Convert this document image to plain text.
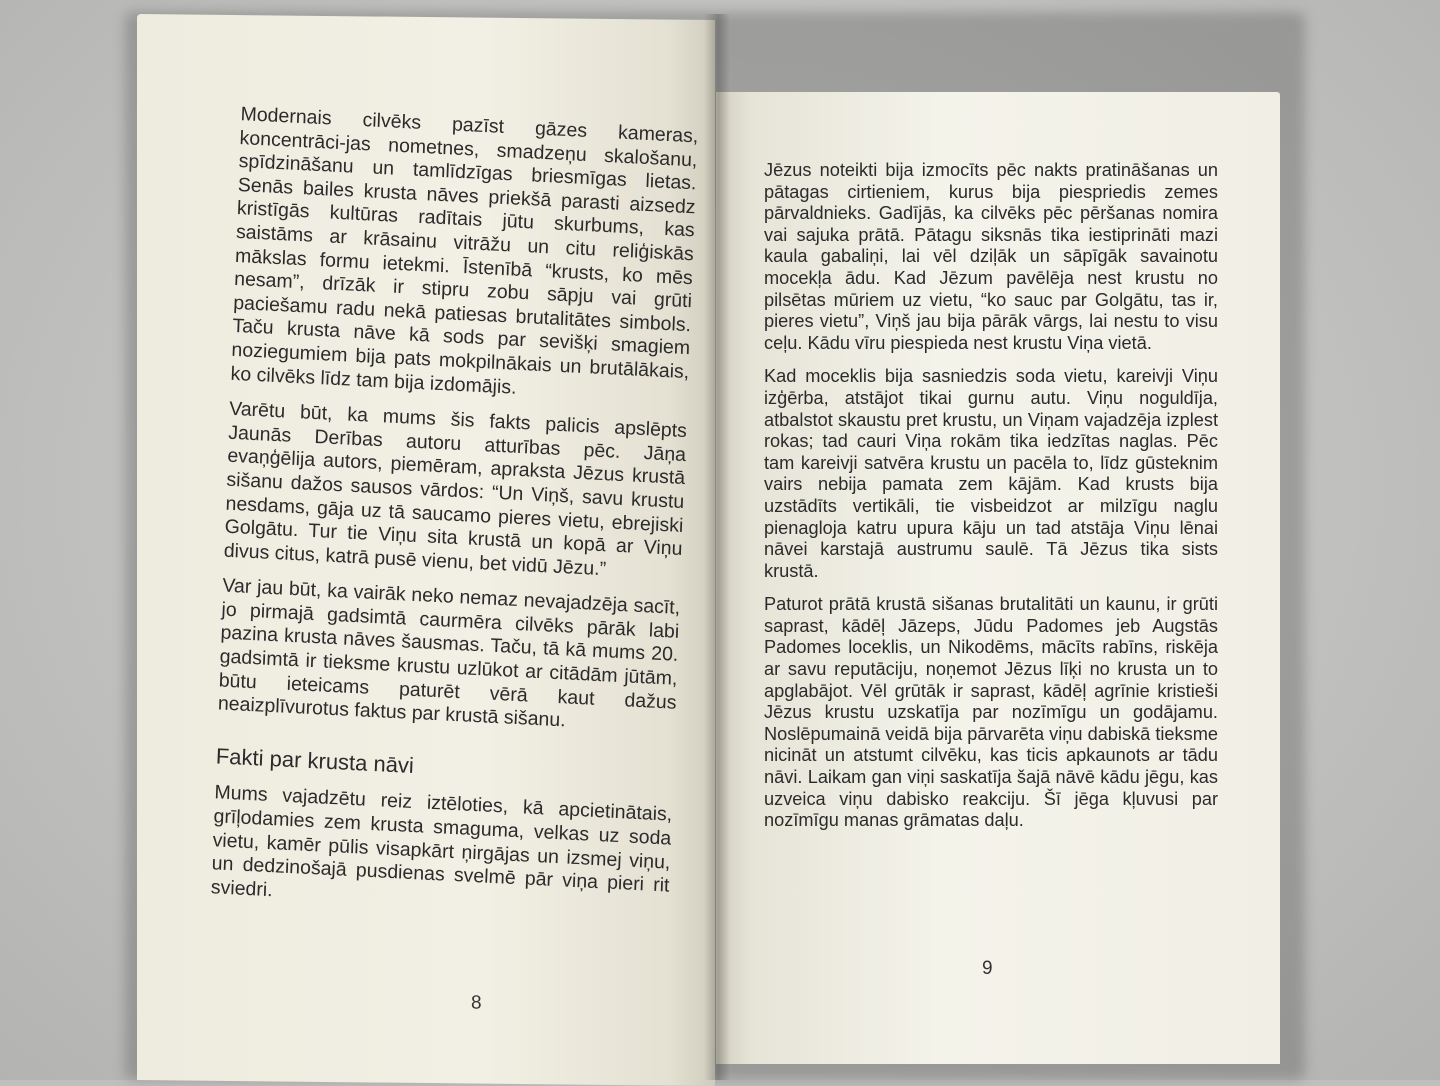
Modernais cilvēks pazīst gāzes kameras, koncentrāci-jas nometnes, smadzeņu skalošanu, spīdzināšanu un tamlīdzīgas briesmīgas lietas. Senās bailes krusta nāves priekšā parasti aizsedz kristīgās kultūras radītais jūtu skurbums, kas saistāms ar krāsainu vitrāžu un citu reliģiskās mākslas formu ietekmi. Īstenībā “krusts, ko mēs nesam”, drīzāk ir stipru zobu sāpju vai grūti paciešamu radu nekā patiesas brutalitātes simbols. Taču krusta nāve kā sods par sevišķi smagiem noziegumiem bija pats mokpilnākais un brutālākais, ko cilvēks līdz tam bija izdomājis.

Varētu būt, ka mums šis fakts palicis apslēpts Jaunās Derības autoru atturības pēc. Jāņa evaņģēlija autors, piemēram, apraksta Jēzus krustā sišanu dažos sausos vārdos: “Un Viņš, savu krustu nesdams, gāja uz tā saucamo pieres vietu, ebrejiski Golgātu. Tur tie Viņu sita krustā un kopā ar Viņu divus citus, katrā pusē vienu, bet vidū Jēzu.”

Var jau būt, ka vairāk neko nemaz nevajadzēja sacīt, jo pirmajā gadsimtā caurmēra cilvēks pārāk labi pazina krusta nāves šausmas. Taču, tā kā mums 20. gadsimtā ir tieksme krustu uzlūkot ar citādām jūtām, būtu ieteicams paturēt vērā kaut dažus neaizplīvurotus faktus par krustā sišanu.

Fakti par krusta nāvi

Mums vajadzētu reiz iztēloties, kā apcietinātais, grīļodamies zem krusta smaguma, velkas uz soda vietu, kamēr pūlis visapkārt ņirgājas un izsmej viņu, un dedzinošajā pusdienas svelmē pār viņa pieri rit sviedri.

8

Jēzus noteikti bija izmocīts pēc nakts pratināšanas un pātagas cirtieniem, kurus bija piespriedis zemes pārvaldnieks. Gadījās, ka cilvēks pēc pēršanas nomira vai sajuka prātā. Pātagu siksnās tika iestiprināti mazi kaula gabaliņi, lai vēl dziļāk un sāpīgāk savainotu mocekļa ādu. Kad Jēzum pavēlēja nest krustu no pilsētas mūriem uz vietu, “ko sauc par Golgātu, tas ir, pieres vietu”, Viņš jau bija pārāk vārgs, lai nestu to visu ceļu. Kādu vīru piespieda nest krustu Viņa vietā.

Kad moceklis bija sasniedzis soda vietu, kareivji Viņu izģērba, atstājot tikai gurnu autu. Viņu noguldīja, atbalstot skaustu pret krustu, un Viņam vajadzēja izplest rokas; tad cauri Viņa rokām tika iedzītas naglas. Pēc tam kareivji satvēra krustu un pacēla to, līdz gūsteknim vairs nebija pamata zem kājām. Kad krusts bija uzstādīts vertikāli, tie visbeidzot ar milzīgu naglu pienagloja katru upura kāju un tad atstāja Viņu lēnai nāvei karstajā austrumu saulē. Tā Jēzus tika sists krustā.

Paturot prātā krustā sišanas brutalitāti un kaunu, ir grūti saprast, kādēļ Jāzeps, Jūdu Padomes jeb Augstās Padomes loceklis, un Nikodēms, mācīts rabīns, riskēja ar savu reputāciju, noņemot Jēzus līķi no krusta un to apglabājot. Vēl grūtāk ir saprast, kādēļ agrīnie kristieši Jēzus krustu uzskatīja par nozīmīgu un godājamu. Noslēpumainā veidā bija pārvarēta viņu dabiskā tieksme nicināt un atstumt cilvēku, kas ticis apkaunots ar tādu nāvi. Laikam gan viņi saskatīja šajā nāvē kādu jēgu, kas uzveica viņu dabisko reakciju. Šī jēga kļuvusi par nozīmīgu manas grāmatas daļu.

9
